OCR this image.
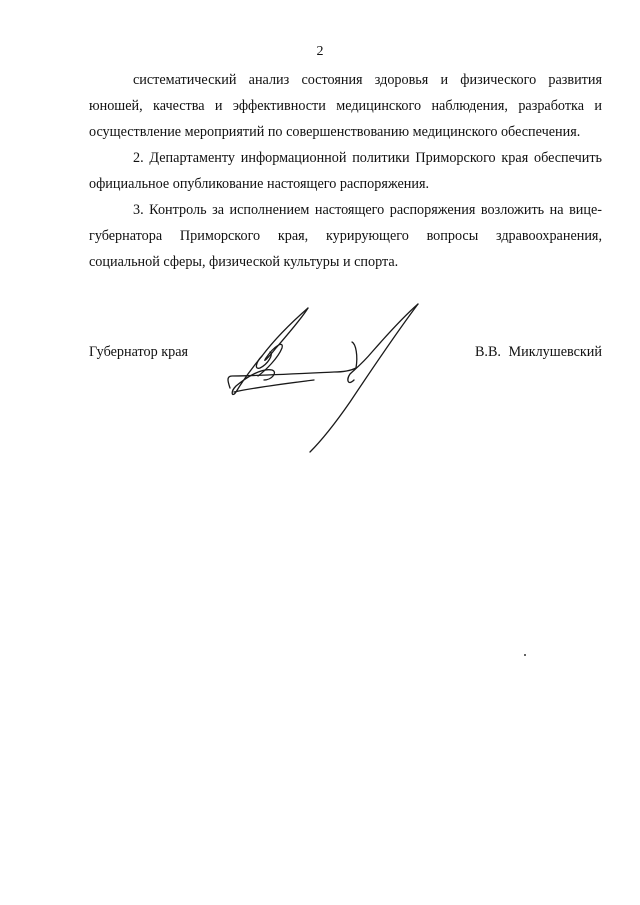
2

систематический анализ состояния здоровья и физического развития юношей, качества и эффективности медицинского наблюдения, разработка и осуществление мероприятий по совершенствованию медицинского обеспечения.

2. Департаменту информационной политики Приморского края обеспечить официальное опубликование настоящего распоряжения.

3. Контроль за исполнением настоящего распоряжения возложить на вице-губернатора Приморского края, курирующего вопросы здравоохранения, социальной сферы, физической культуры и спорта.

Губернатор края	В.В. Миклушевский
